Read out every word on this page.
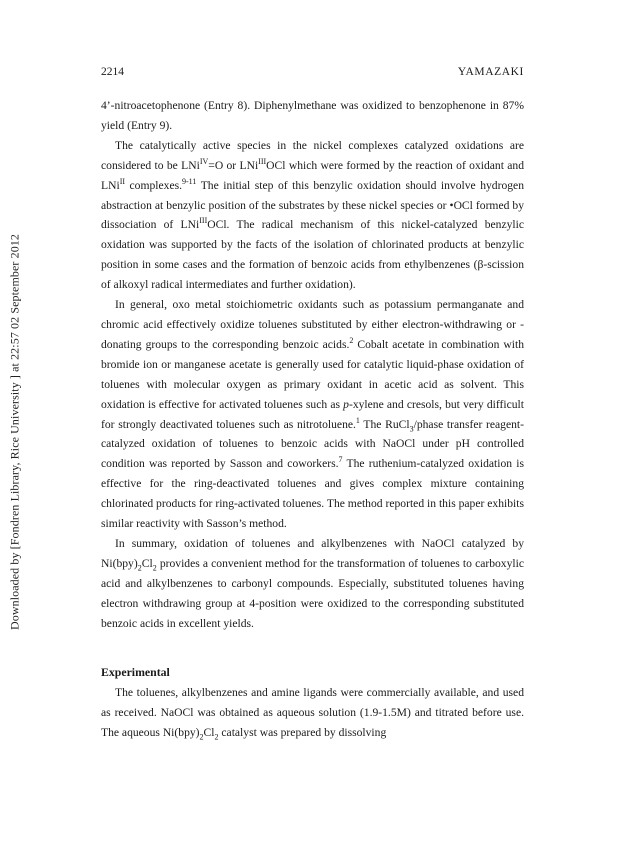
Downloaded by [Fondren Library, Rice University ] at 22:57 02 September 2012
2214	YAMAZAKI

4’-nitroacetophenone (Entry 8). Diphenylmethane was oxidized to benzophenone in 87% yield (Entry 9).

The catalytically active species in the nickel complexes catalyzed oxidations are considered to be LNi$^{IV}$=O or LNi$^{III}$OCl which were formed by the reaction of oxidant and LNi$^{II}$ complexes.$^{9-11}$ The initial step of this benzylic oxidation should involve hydrogen abstraction at benzylic position of the substrates by these nickel species or •OCl formed by dissociation of LNi$^{III}$OCl. The radical mechanism of this nickel-catalyzed benzylic oxidation was supported by the facts of the isolation of chlorinated products at benzylic position in some cases and the formation of benzoic acids from ethylbenzenes (β-scission of alkoxyl radical intermediates and further oxidation).

In general, oxo metal stoichiometric oxidants such as potassium permanganate and chromic acid effectively oxidize toluenes substituted by either electron-withdrawing or -donating groups to the corresponding benzoic acids.$^2$ Cobalt acetate in combination with bromide ion or manganese acetate is generally used for catalytic liquid-phase oxidation of toluenes with molecular oxygen as primary oxidant in acetic acid as solvent. This oxidation is effective for activated toluenes such as p-xylene and cresols, but very difficult for strongly deactivated toluenes such as nitrotoluene.$^1$ The RuCl$_3$/phase transfer reagent-catalyzed oxidation of toluenes to benzoic acids with NaOCl under pH controlled condition was reported by Sasson and coworkers.$^7$ The ruthenium-catalyzed oxidation is effective for the ring-deactivated toluenes and gives complex mixture containing chlorinated products for ring-activated toluenes. The method reported in this paper exhibits similar reactivity with Sasson’s method.

In summary, oxidation of toluenes and alkylbenzenes with NaOCl catalyzed by $Ni(bpy)_2Cl_2$ provides a convenient method for the transformation of toluenes to carboxylic acid and alkylbenzenes to carbonyl compounds. Especially, substituted toluenes having electron withdrawing group at 4-position were oxidized to the corresponding substituted benzoic acids in excellent yields.

Experimental

The toluenes, alkylbenzenes and amine ligands were commercially available, and used as received. NaOCl was obtained as aqueous solution (1.9-1.5M) and titrated before use. The aqueous $Ni(bpy)_2Cl_2$ catalyst was prepared by dissolving
